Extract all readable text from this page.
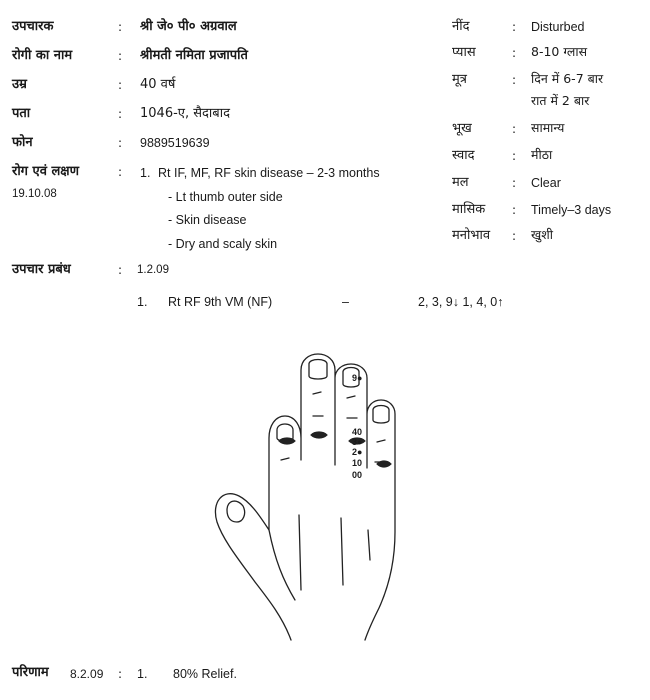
उपचारक	: श्री जे० पी० अग्रवाल
रोगी का नाम	: श्रीमती नमिता प्रजापति
उम्र	: 40 वर्ष
पता	: 1046-ए, सैदाबाद
फोन	: 9889519639
रोग एवं लक्षण	:
19.10.08
1. Rt IF, MF, RF skin disease – 2-3 months
- Lt thumb outer side
- Skin disease
- Dry and scaly skin
नींद	: Disturbed
प्यास	: 8-10 ग्लास
मूत्र	: दिन में 6-7 बार
रात में 2 बार
भूख	: सामान्य
स्वाद	: मीठा
मल	: Clear
मासिक : Timely–3 days
मनोभाव : खुशी
उपचार प्रबंध	: 1.2.09
1. Rt RF 9th VM (NF)	–	2, 3, 9↓ 1, 4, 0↑
9●
40
3●
2●
10
00
परिणाम 8.2.09 : 1. 80% Relief.
